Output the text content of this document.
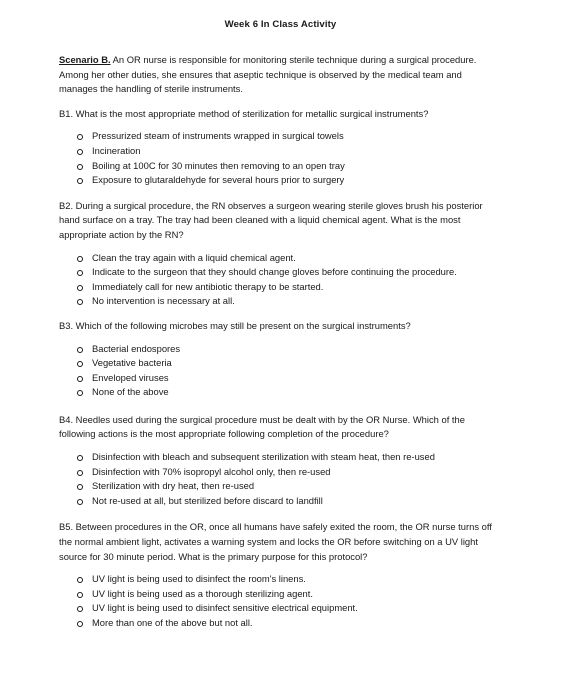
Week 6 In Class Activity

Scenario B. An OR nurse is responsible for monitoring sterile technique during a surgical procedure. Among her other duties, she ensures that aseptic technique is observed by the medical team and manages the handling of sterile instruments.

B1. What is the most appropriate method of sterilization for metallic surgical instruments?

Pressurized steam of instruments wrapped in surgical towels
Incineration
Boiling at 100C for 30 minutes then removing to an open tray
Exposure to glutaraldehyde for several hours prior to surgery

B2. During a surgical procedure, the RN observes a surgeon wearing sterile gloves brush his posterior hand surface on a tray. The tray had been cleaned with a liquid chemical agent. What is the most appropriate action by the RN?

Clean the tray again with a liquid chemical agent.
Indicate to the surgeon that they should change gloves before continuing the procedure.
Immediately call for new antibiotic therapy to be started.
No intervention is necessary at all.

B3. Which of the following microbes may still be present on the surgical instruments?

Bacterial endospores
Vegetative bacteria
Enveloped viruses
None of the above

B4. Needles used during the surgical procedure must be dealt with by the OR Nurse. Which of the following actions is the most appropriate following completion of the procedure?

Disinfection with bleach and subsequent sterilization with steam heat, then re-used
Disinfection with 70% isopropyl alcohol only, then re-used
Sterilization with dry heat, then re-used
Not re-used at all, but sterilized before discard to landfill

B5. Between procedures in the OR, once all humans have safely exited the room, the OR nurse turns off the normal ambient light, activates a warning system and locks the OR before switching on a UV light source for 30 minute period. What is the primary purpose for this protocol?

UV light is being used to disinfect the room's linens.
UV light is being used as a thorough sterilizing agent.
UV light is being used to disinfect sensitive electrical equipment.
More than one of the above but not all.
